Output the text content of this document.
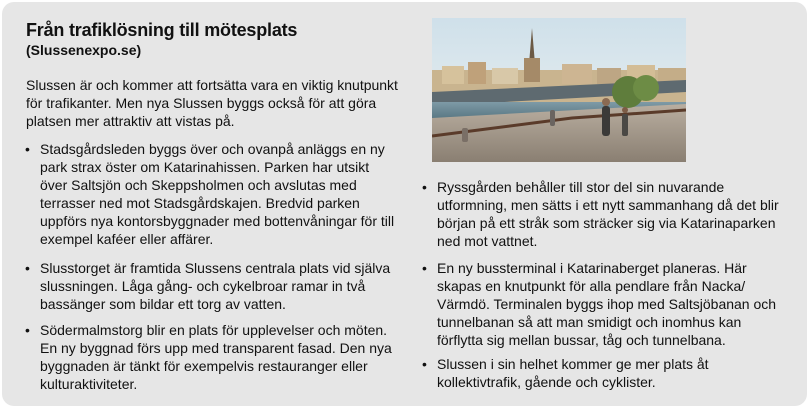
Från trafiklösning till mötesplats
(Slussenexpo.se)
Slussen är och kommer att fortsätta vara en viktig knutpunkt för trafikanter. Men nya Slussen byggs också för att göra platsen mer attraktiv att vistas på.
• Stadsgårdsleden byggs över och ovanpå anläggs en ny park strax öster om Katarinahissen. Parken har utsikt över Saltsjön och Skeppsholmen och avslutas med terrasser ned mot Stadsgårdskajen. Bredvid parken uppförs nya kontorsbyggnader med bottenvåningar för till exempel kaféer eller affärer.
• Slusstorget är framtida Slussens centrala plats vid själva slussningen. Låga gång- och cykelbroar ramar in två bassänger som bildar ett torg av vatten.
• Södermalmstorg blir en plats för upplevelser och möten. En ny byggnad förs upp med transparent fasad. Den nya byggnaden är tänkt för exempelvis restauranger eller kulturaktiviteter.
• Ryssgården behåller till stor del sin nuvarande utformning, men sätts i ett nytt sammanhang då det blir början på ett stråk som sträcker sig via Katarinaparken ned mot vattnet.
• En ny bussterminal i Katarinaberget planeras. Här skapas en knutpunkt för alla pendlare från Nacka/ Värmdö. Terminalen byggs ihop med Saltsjöbanan och tunnelbanan så att man smidigt och inomhus kan förflytta sig mellan bussar, tåg och tunnelbana.
• Slussen i sin helhet kommer ge mer plats åt kollektivtrafik, gående och cyklister.
